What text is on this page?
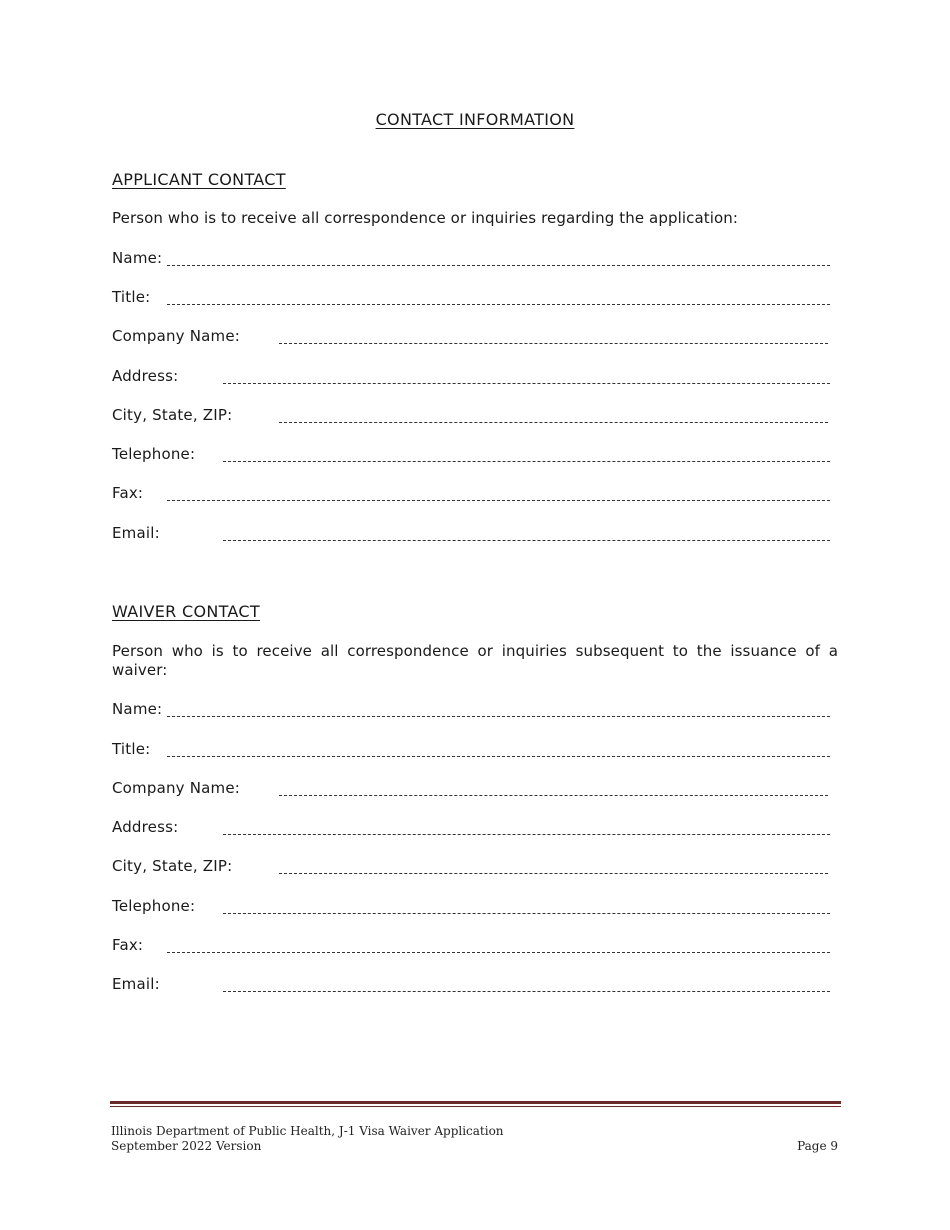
CONTACT INFORMATION
APPLICANT CONTACT
Person who is to receive all correspondence or inquiries regarding the application:
Name:
Title:
Company Name:
Address:
City, State, ZIP:
Telephone:
Fax:
Email:
WAIVER CONTACT
Person who is to receive all correspondence or inquiries subsequent to the issuance of a waiver:
Name:
Title:
Company Name:
Address:
City, State, ZIP:
Telephone:
Fax:
Email:
Illinois Department of Public Health, J-1 Visa Waiver Application
September 2022 Version	Page 9
